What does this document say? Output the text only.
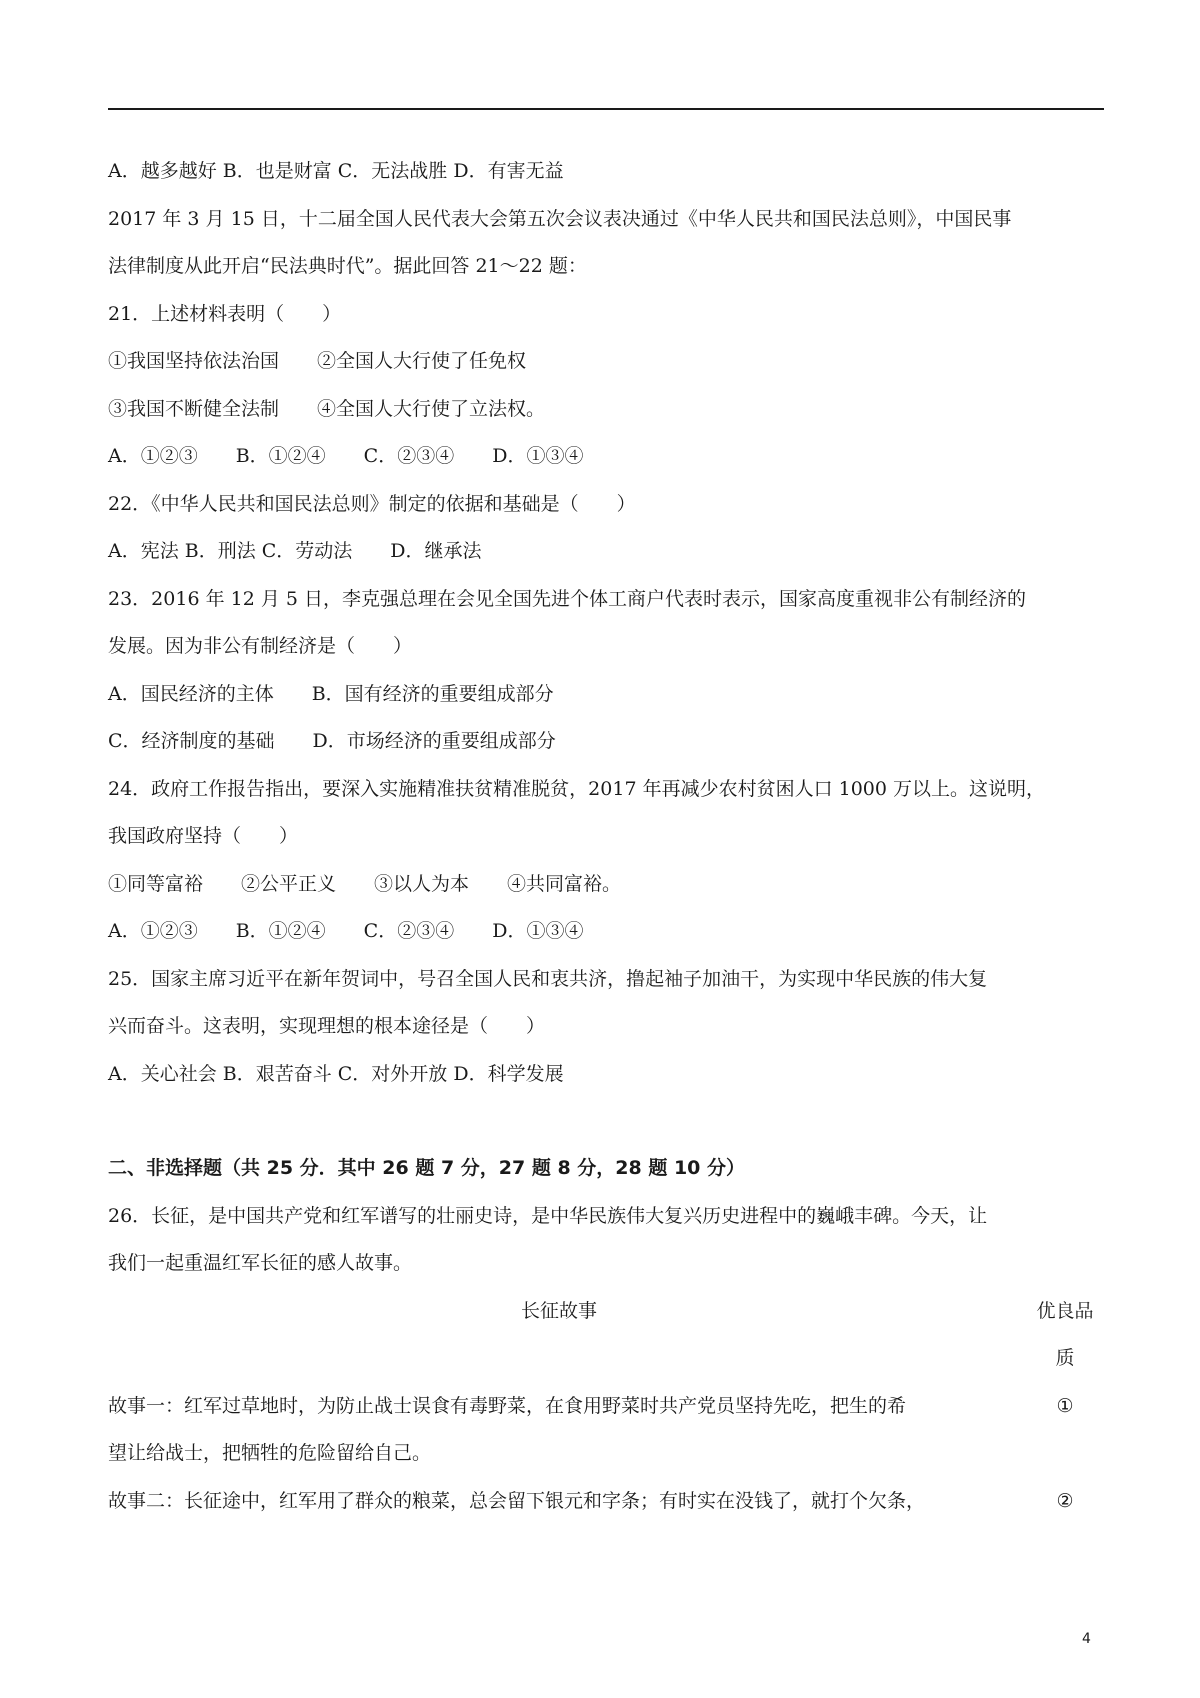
A．越多越好 B．也是财富 C．无法战胜 D．有害无益
2017 年 3 月 15 日，十二届全国人民代表大会第五次会议表决通过《中华人民共和国民法总则》，中国民事
法律制度从此开启“民法典时代”。据此回答 21～22 题：
21．上述材料表明（　　）
①我国坚持依法治国　　②全国人大行使了任免权
③我国不断健全法制　　④全国人大行使了立法权。
A．①②③　　B．①②④　　C．②③④　　D．①③④
22．《中华人民共和国民法总则》制定的依据和基础是（　　）
A．宪法 B．刑法 C．劳动法　　D．继承法
23．2016 年 12 月 5 日，李克强总理在会见全国先进个体工商户代表时表示，国家高度重视非公有制经济的
发展。因为非公有制经济是（　　）
A．国民经济的主体　　B．国有经济的重要组成部分
C．经济制度的基础　　D．市场经济的重要组成部分
24．政府工作报告指出，要深入实施精准扶贫精准脱贫，2017 年再减少农村贫困人口 1000 万以上。这说明，
我国政府坚持（　　）
①同等富裕　　②公平正义　　③以人为本　　④共同富裕。
A．①②③　　B．①②④　　C．②③④　　D．①③④
25．国家主席习近平在新年贺词中，号召全国人民和衷共济，撸起袖子加油干，为实现中华民族的伟大复
兴而奋斗。这表明，实现理想的根本途径是（　　）
A．关心社会 B．艰苦奋斗 C．对外开放 D．科学发展
二、非选择题（共 25 分．其中 26 题 7 分，27 题 8 分，28 题 10 分）
26．长征，是中国共产党和红军谱写的壮丽史诗，是中华民族伟大复兴历史进程中的巍峨丰碑。今天，让
我们一起重温红军长征的感人故事。
长征故事	优良品
质
故事一：红军过草地时，为防止战士误食有毒野菜，在食用野菜时共产党员坚持先吃，把生的希
望让给战士，把牺牲的危险留给自己。
①
故事二：长征途中，红军用了群众的粮菜，总会留下银元和字条；有时实在没钱了，就打个欠条，	②
4
